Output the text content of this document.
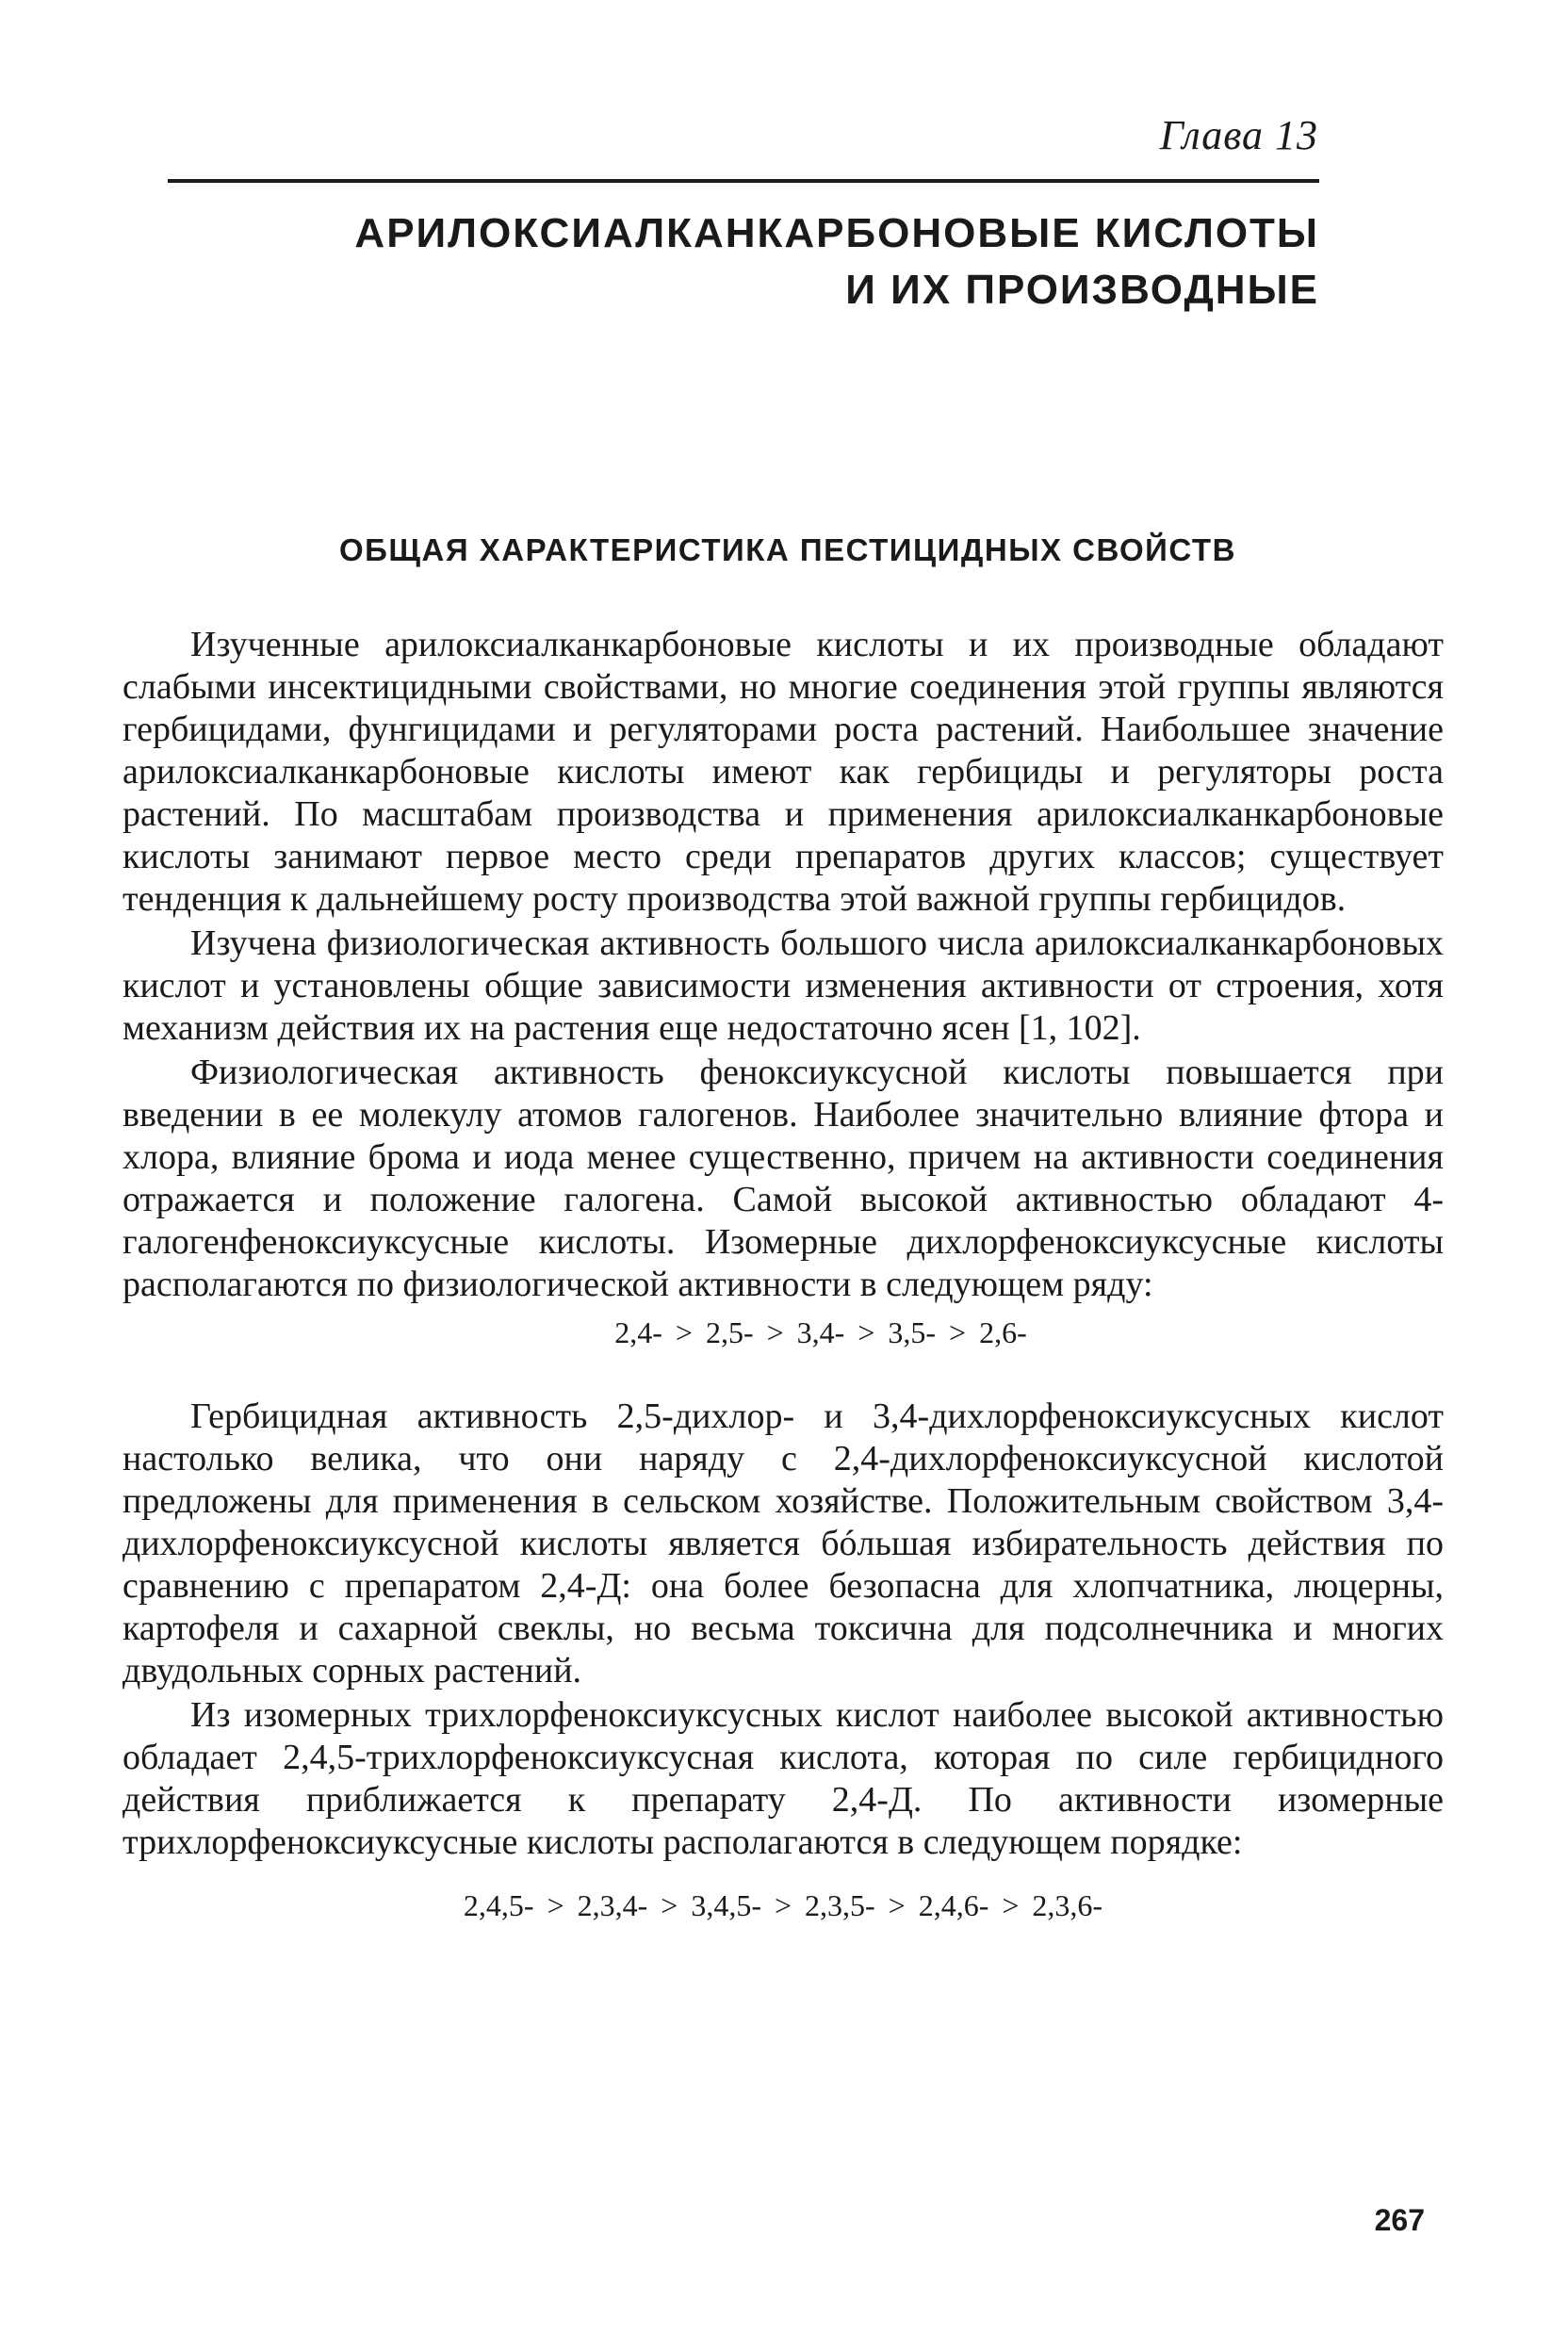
Глава 13
АРИЛОКСИАЛКАНКАРБОНОВЫЕ КИСЛОТЫ
И ИХ ПРОИЗВОДНЫЕ
ОБЩАЯ ХАРАКТЕРИСТИКА ПЕСТИЦИДНЫХ СВОЙСТВ

Изученные арилоксиалканкарбоновые кислоты и их производные обладают слабыми инсектицидными свойствами, но многие соединения этой группы являются гербицидами, фунгицидами и регуляторами роста растений. Наибольшее значение арилоксиалканкарбоновые кислоты имеют как гербициды и регуляторы роста растений. По масштабам производства и применения арилоксиалканкарбоновые кислоты занимают первое место среди препаратов других классов; существует тенденция к дальнейшему росту производства этой важной группы гербицидов.

Изучена физиологическая активность большого числа арилоксиалканкарбоновых кислот и установлены общие зависимости изменения активности от строения, хотя механизм действия их на растения еще недостаточно ясен [1, 102].

Физиологическая активность феноксиуксусной кислоты повышается при введении в ее молекулу атомов галогенов. Наиболее значительно влияние фтора и хлора, влияние брома и иода менее существенно, причем на активности соединения отражается и положение галогена. Самой высокой активностью обладают 4-галогенфеноксиуксусные кислоты. Изомерные дихлорфеноксиуксусные кислоты располагаются по физиологической активности в следующем ряду:

2,4- > 2,5- > 3,4- > 3,5- > 2,6-

Гербицидная активность 2,5-дихлор- и 3,4-дихлорфеноксиуксусных кислот настолько велика, что они наряду с 2,4-дихлорфеноксиуксусной кислотой предложены для применения в сельском хозяйстве. Положительным свойством 3,4-дихлорфеноксиуксусной кислоты является бóльшая избирательность действия по сравнению с препаратом 2,4-Д: она более безопасна для хлопчатника, люцерны, картофеля и сахарной свеклы, но весьма токсична для подсолнечника и многих двудольных сорных растений.

Из изомерных трихлорфеноксиуксусных кислот наиболее высокой активностью обладает 2,4,5-трихлорфеноксиуксусная кислота, которая по силе гербицидного действия приближается к препарату 2,4-Д. По активности изомерные трихлорфеноксиуксусные кислоты располагаются в следующем порядке:

2,4,5- > 2,3,4- > 3,4,5- > 2,3,5- > 2,4,6- > 2,3,6-
267
